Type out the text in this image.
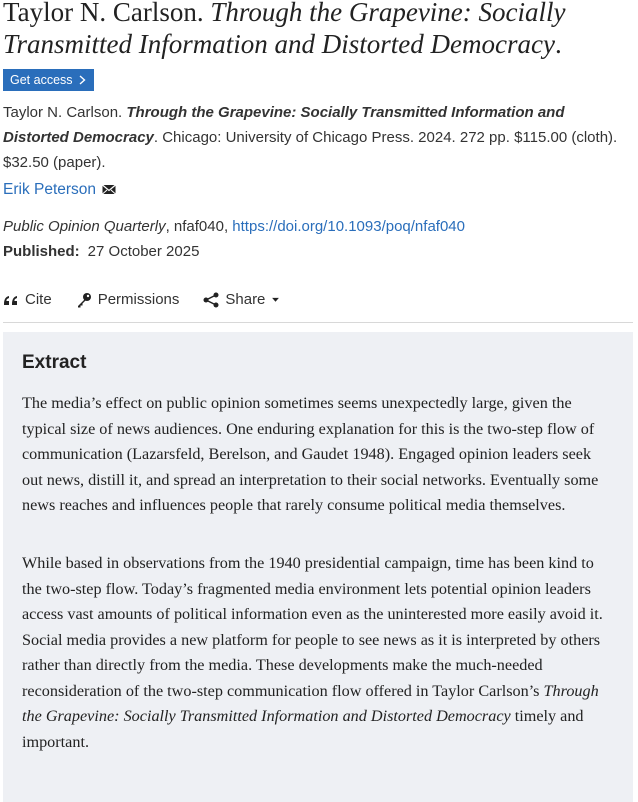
Taylor N. Carlson. Through the Grapevine: Socially Transmitted Information and Distorted Democracy.
Get access
Taylor N. Carlson. Through the Grapevine: Socially Transmitted Information and Distorted Democracy. Chicago: University of Chicago Press. 2024. 272 pp. $115.00 (cloth). $32.50 (paper).
Erik Peterson
Public Opinion Quarterly, nfaf040, https://doi.org/10.1093/poq/nfaf040
Published: 27 October 2025
Cite	Permissions	Share
Extract

The media’s effect on public opinion sometimes seems unexpectedly large, given the typical size of news audiences. One enduring explanation for this is the two-step flow of communication (Lazarsfeld, Berelson, and Gaudet 1948). Engaged opinion leaders seek out news, distill it, and spread an interpretation to their social networks. Eventually some news reaches and influences people that rarely consume political media themselves.

While based in observations from the 1940 presidential campaign, time has been kind to the two-step flow. Today’s fragmented media environment lets potential opinion leaders access vast amounts of political information even as the uninterested more easily avoid it. Social media provides a new platform for people to see news as it is interpreted by others rather than directly from the media. These developments make the much-needed reconsideration of the two-step communication flow offered in Taylor Carlson’s Through the Grapevine: Socially Transmitted Information and Distorted Democracy timely and important.
